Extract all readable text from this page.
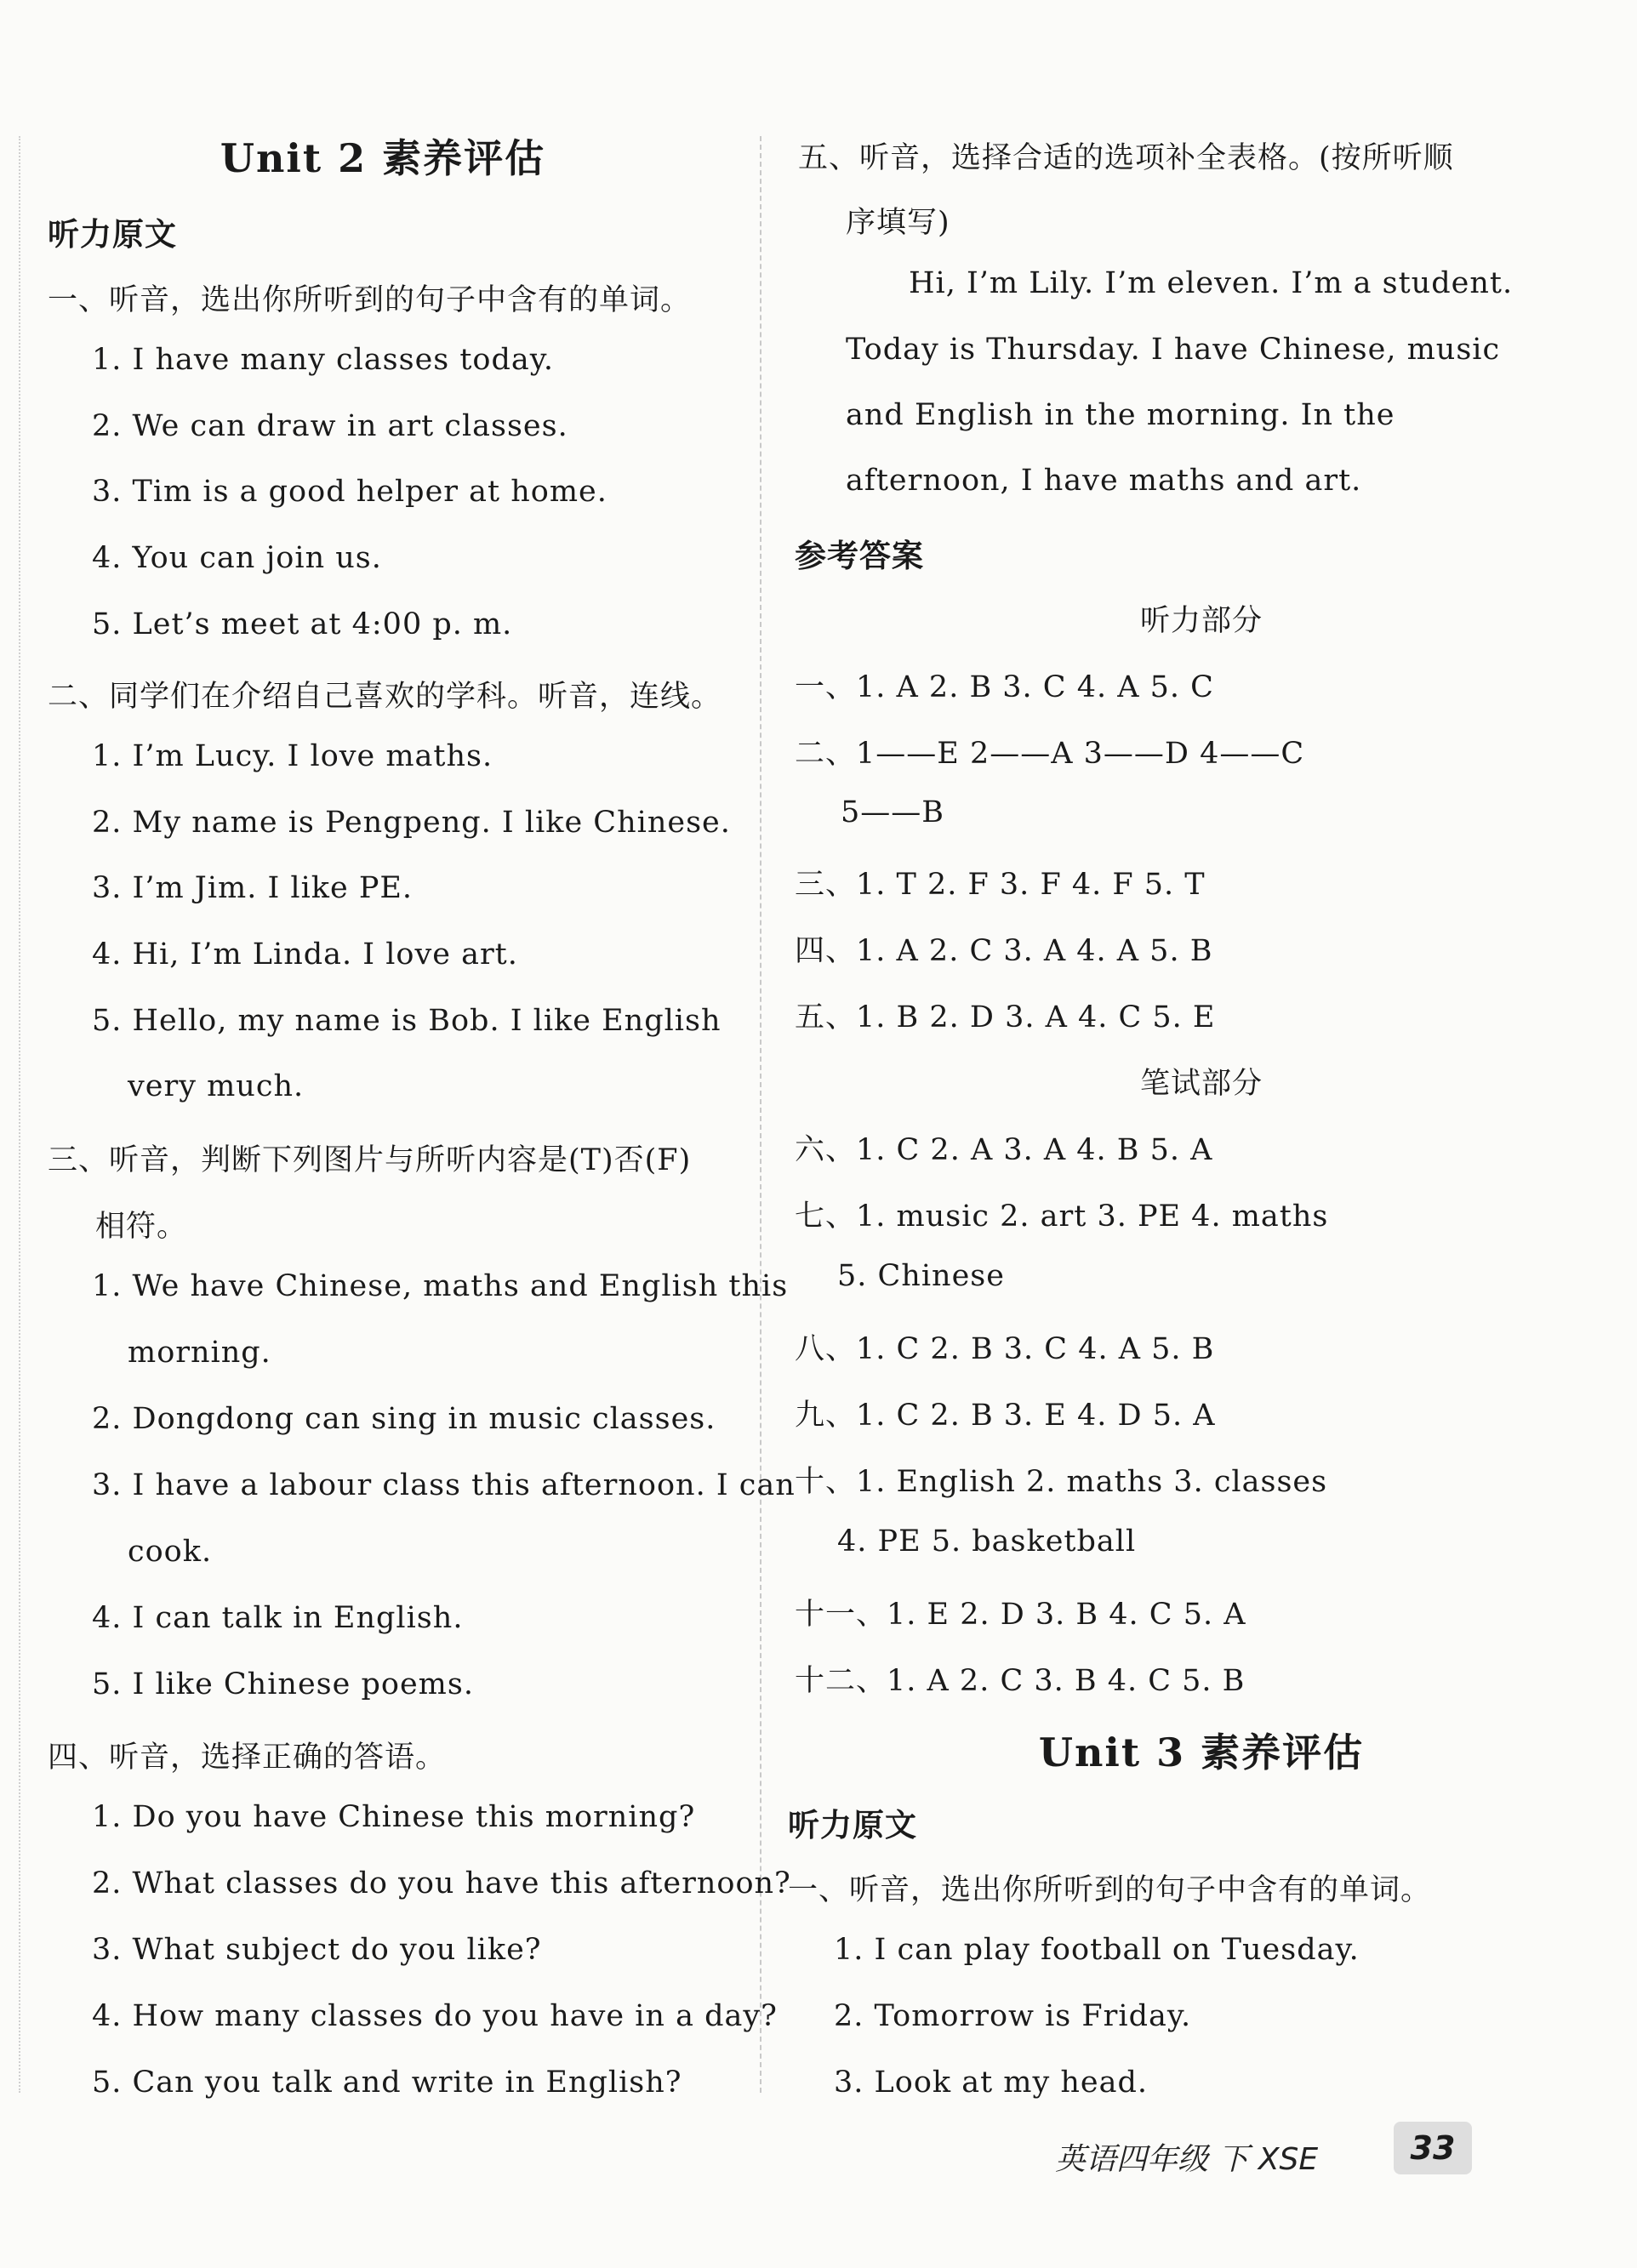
Unit 2 素养评估
听力原文
一、听音，选出你所听到的句子中含有的单词。
1. I have many classes today.
2. We can draw in art classes.
3. Tim is a good helper at home.
4. You can join us.
5. Let’s meet at 4:00 p. m.
二、同学们在介绍自己喜欢的学科。听音，连线。
1. I’m Lucy. I love maths.
2. My name is Pengpeng. I like Chinese.
3. I’m Jim. I like PE.
4. Hi, I’m Linda. I love art.
5. Hello, my name is Bob. I like English
very much.
三、听音，判断下列图片与所听内容是(T)否(F)
相符。
1. We have Chinese, maths and English this
morning.
2. Dongdong can sing in music classes.
3. I have a labour class this afternoon. I can
cook.
4. I can talk in English.
5. I like Chinese poems.
四、听音，选择正确的答语。
1. Do you have Chinese this morning?
2. What classes do you have this afternoon?
3. What subject do you like?
4. How many classes do you have in a day?
5. Can you talk and write in English?
五、听音，选择合适的选项补全表格。(按所听顺
序填写)
Hi, I’m Lily. I’m eleven. I’m a student.
Today is Thursday. I have Chinese, music
and English in the morning. In the
afternoon, I have maths and art.
参考答案
听力部分
一、1. A 2. B 3. C 4. A 5. C
二、1——E 2——A 3——D 4——C
5——B
三、1. T 2. F 3. F 4. F 5. T
四、1. A 2. C 3. A 4. A 5. B
五、1. B 2. D 3. A 4. C 5. E
笔试部分
六、1. C 2. A 3. A 4. B 5. A
七、1. music 2. art 3. PE 4. maths
5. Chinese
八、1. C 2. B 3. C 4. A 5. B
九、1. C 2. B 3. E 4. D 5. A
十、1. English 2. maths 3. classes
4. PE 5. basketball
十一、1. E 2. D 3. B 4. C 5. A
十二、1. A 2. C 3. B 4. C 5. B
Unit 3 素养评估
听力原文
一、听音，选出你所听到的句子中含有的单词。
1. I can play football on Tuesday.
2. Tomorrow is Friday.
3. Look at my head.
英语四年级 下 XSE	33
